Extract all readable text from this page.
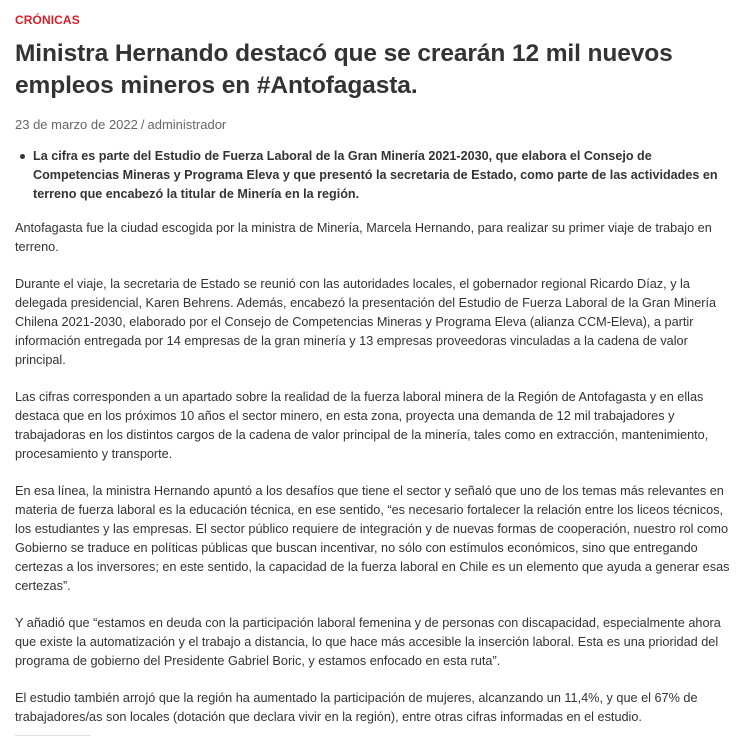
CRÓNICAS
Ministra Hernando destacó que se crearán 12 mil nuevos empleos mineros en #Antofagasta.
23 de marzo de 2022 / administrador
La cifra es parte del Estudio de Fuerza Laboral de la Gran Minería 2021-2030, que elabora el Consejo de Competencias Mineras y Programa Eleva y que presentó la secretaria de Estado, como parte de las actividades en terreno que encabezó la titular de Minería en la región.

Antofagasta fue la ciudad escogida por la ministra de Minería, Marcela Hernando, para realizar su primer viaje de trabajo en terreno.

Durante el viaje, la secretaria de Estado se reunió con las autoridades locales, el gobernador regional Ricardo Díaz, y la delegada presidencial, Karen Behrens. Además, encabezó la presentación del Estudio de Fuerza Laboral de la Gran Minería Chilena 2021-2030, elaborado por el Consejo de Competencias Mineras y Programa Eleva (alianza CCM-Eleva), a partir información entregada por 14 empresas de la gran minería y 13 empresas proveedoras vinculadas a la cadena de valor principal.

Las cifras corresponden a un apartado sobre la realidad de la fuerza laboral minera de la Región de Antofagasta y en ellas destaca que en los próximos 10 años el sector minero, en esta zona, proyecta una demanda de 12 mil trabajadores y trabajadoras en los distintos cargos de la cadena de valor principal de la minería, tales como en extracción, mantenimiento, procesamiento y transporte.

En esa línea, la ministra Hernando apuntó a los desafíos que tiene el sector y señaló que uno de los temas más relevantes en materia de fuerza laboral es la educación técnica, en ese sentido, “es necesario fortalecer la relación entre los liceos técnicos, los estudiantes y las empresas. El sector público requiere de integración y de nuevas formas de cooperación, nuestro rol como Gobierno se traduce en políticas públicas que buscan incentivar, no sólo con estímulos económicos, sino que entregando certezas a los inversores; en este sentido, la capacidad de la fuerza laboral en Chile es un elemento que ayuda a generar esas certezas”.

Y añadió que “estamos en deuda con la participación laboral femenina y de personas con discapacidad, especialmente ahora que existe la automatización y el trabajo a distancia, lo que hace más accesible la inserción laboral. Esta es una prioridad del programa de gobierno del Presidente Gabriel Boric, y estamos enfocado en esta ruta”.

El estudio también arrojó que la región ha aumentado la participación de mujeres, alcanzando un 11,4%, y que el 67% de trabajadores/as son locales (dotación que declara vivir en la región), entre otras cifras informadas en el estudio.
